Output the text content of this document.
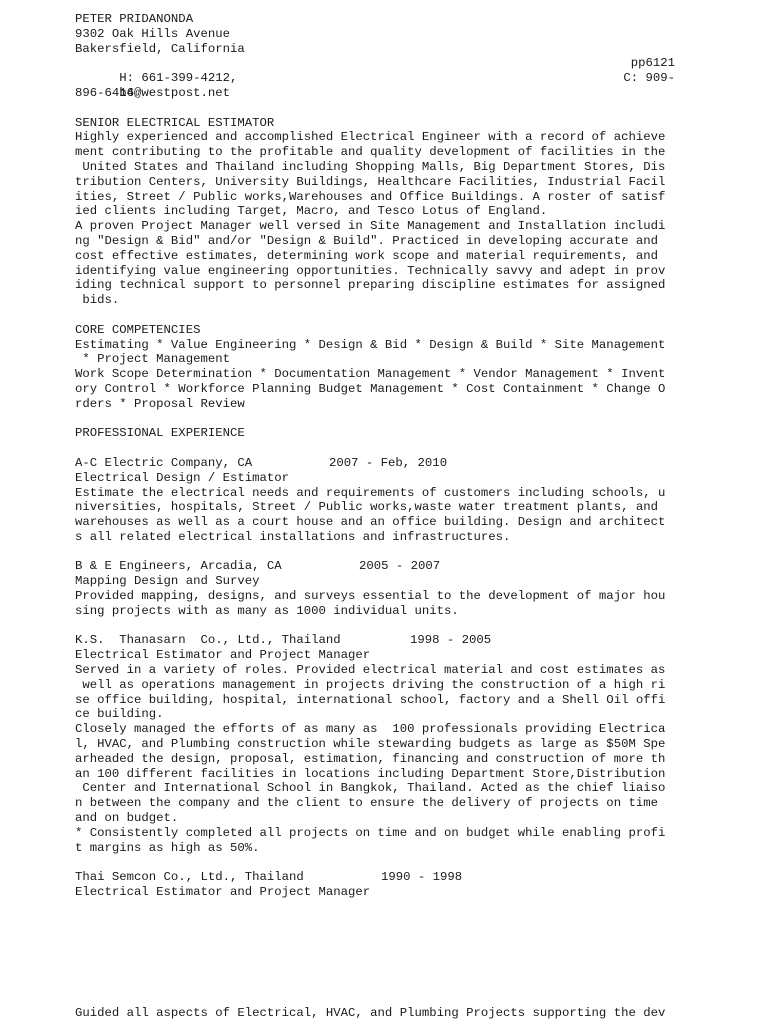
PETER PRIDANONDA
9302 Oak Hills Avenue
Bakersfield, California

H: 661-399-4212,

pp6121

b6@westpost.net

C: 909-

896-6414
SENIOR ELECTRICAL ESTIMATOR
Highly experienced and accomplished Electrical Engineer with a record of achieve
ment contributing to the profitable and quality development of facilities in the
United States and Thailand including Shopping Malls, Big Department Stores, Dis
tribution Centers, University Buildings, Healthcare Facilities, Industrial Facil
ities, Street / Public works,Warehouses and Office Buildings. A roster of satisf
ied clients including Target, Macro, and Tesco Lotus of England.
A proven Project Manager well versed in Site Management and Installation includi
ng "Design & Bid" and/or "Design & Build". Practiced in developing accurate and
cost effective estimates, determining work scope and material requirements, and
identifying value engineering opportunities. Technically savvy and adept in prov
iding technical support to personnel preparing discipline estimates for assigned
bids.
CORE COMPETENCIES
Estimating * Value Engineering * Design & Bid * Design & Build * Site Management
* Project Management
Work Scope Determination * Documentation Management * Vendor Management * Invent
ory Control * Workforce Planning Budget Management * Cost Containment * Change O
rders * Proposal Review
PROFESSIONAL EXPERIENCE
A-C Electric Company, CA	2007 - Feb, 2010
Electrical Design / Estimator
Estimate the electrical needs and requirements of customers including schools, u
niversities, hospitals, Street / Public works,waste water treatment plants, and
warehouses as well as a court house and an office building. Design and architect
s all related electrical installations and infrastructures.
B & E Engineers, Arcadia, CA	2005 - 2007
Mapping Design and Survey
Provided mapping, designs, and surveys essential to the development of major hou
sing projects with as many as 1000 individual units.
K.S.  Thanasarn  Co., Ltd., Thailand	1998 - 2005
Electrical Estimator and Project Manager
Served in a variety of roles. Provided electrical material and cost estimates as
well as operations management in projects driving the construction of a high ri
se office building, hospital, international school, factory and a Shell Oil offi
ce building.
Closely managed the efforts of as many as  100 professionals providing Electrica
l, HVAC, and Plumbing construction while stewarding budgets as large as $50M Spe
arheaded the design, proposal, estimation, financing and construction of more th
an 100 different facilities in locations including Department Store,Distribution
Center and International School in Bangkok, Thailand. Acted as the chief liaiso
n between the company and the client to ensure the delivery of projects on time
and on budget.
* Consistently completed all projects on time and on budget while enabling profi
t margins as high as 50%.
Thai Semcon Co., Ltd., Thailand	1990 - 1998
Electrical Estimator and Project Manager
Guided all aspects of Electrical, HVAC, and Plumbing Projects supporting the dev
